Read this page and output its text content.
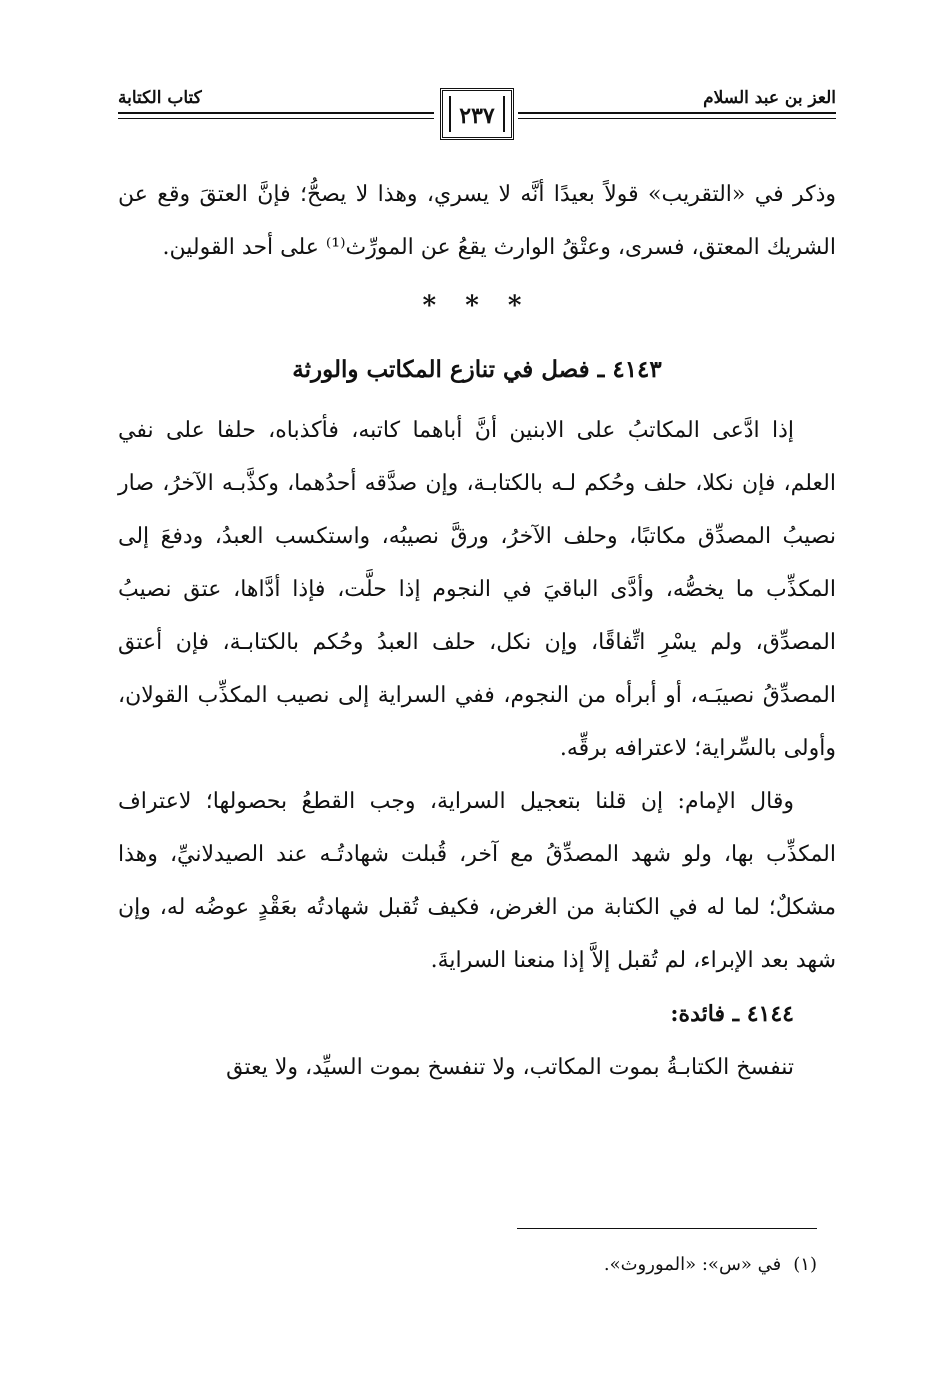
العز بن عبد السلام
كتاب الكتابة
٢٣٧

وذكر في «التقريب» قولاً بعيدًا أنَّه لا يسري، وهذا لا يصحُّ؛ فإنَّ العتقَ وقع عن الشريك المعتق، فسرى، وعتْقُ الوارث يقعُ عن المورِّث⁽¹⁾ على أحد القولين.

* * *
٤١٤٣ ـ فصل في تنازع المكاتب والورثة

إذا ادَّعى المكاتبُ على الابنين أنَّ أباهما كاتبه، فأكذباه، حلفا على نفي العلم، فإن نكلا، حلف وحُكم لـه بالكتابـة، وإن صدَّقه أحدُهما، وكذَّبـه الآخرُ، صار نصيبُ المصدِّق مكاتبًا، وحلف الآخرُ، ورقَّ نصيبُه، واستكسب العبدُ، ودفعَ إلى المكذِّب ما يخصُّه، وأدَّى الباقيَ في النجوم إذا حلَّت، فإذا أدَّاها، عتق نصيبُ المصدِّق، ولم يسْرِ اتِّفاقًا، وإن نكل، حلف العبدُ وحُكم بالكتابـة، فإن أعتق المصدِّقُ نصيبَـه، أو أبرأه من النجوم، ففي السراية إلى نصيب المكذِّب القولان، وأولى بالسِّراية؛ لاعترافه برقِّه.

وقال الإمام: إن قلنا بتعجيل السراية، وجب القطعُ بحصولها؛ لاعتراف المكذِّب بها، ولو شهد المصدِّقُ مع آخر، قُبلت شهادتُـه عند الصيدلانيِّ، وهذا مشكلٌ؛ لما له في الكتابة من الغرض، فكيف تُقبل شهادتُه بعَقْدٍ عوضُه له، وإن شهد بعد الإبراء، لم تُقبل إلاَّ إذا منعنا السرايةَ.

٤١٤٤ ـ فائدة:

تنفسخ الكتابـةُ بموت المكاتب، ولا تنفسخ بموت السيِّد، ولا يعتق

(١)في «س»: «الموروث».
